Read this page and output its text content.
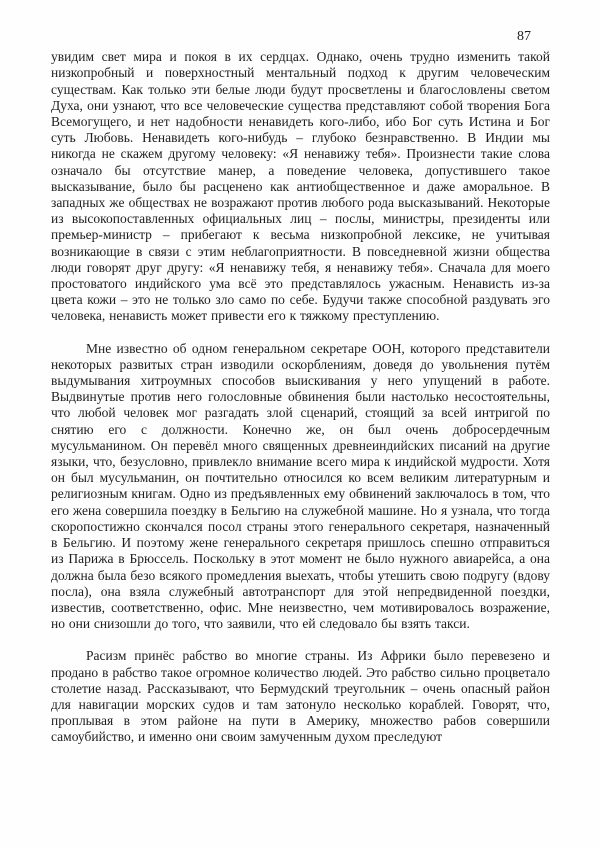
87

увидим свет мира и покоя в их сердцах. Однако, очень трудно изменить такой низкопробный и поверхностный ментальный подход к другим человеческим существам. Как только эти белые люди будут просветлены и благословлены светом Духа, они узнают, что все человеческие существа представляют собой творения Бога Всемогущего, и нет надобности ненавидеть кого-либо, ибо Бог суть Истина и Бог суть Любовь. Ненавидеть кого-нибудь – глубоко безнравственно. В Индии мы никогда не скажем другому человеку: «Я ненавижу тебя». Произнести такие слова означало бы отсутствие манер, а поведение человека, допустившего такое высказывание, было бы расценено как антиобщественное и даже аморальное. В западных же обществах не возражают против любого рода высказываний. Некоторые из высокопоставленных официальных лиц – послы, министры, президенты или премьер-министр – прибегают к весьма низкопробной лексике, не учитывая возникающие в связи с этим неблагоприятности. В повседневной жизни общества люди говорят друг другу: «Я ненавижу тебя, я ненавижу тебя». Сначала для моего простоватого индийского ума всё это представлялось ужасным. Ненависть из-за цвета кожи – это не только зло само по себе. Будучи также способной раздувать эго человека, ненависть может привести его к тяжкому преступлению.

Мне известно об одном генеральном секретаре ООН, которого представители некоторых развитых стран изводили оскорблениям, доведя до увольнения путём выдумывания хитроумных способов выискивания у него упущений в работе. Выдвинутые против него голословные обвинения были настолько несостоятельны, что любой человек мог разгадать злой сценарий, стоящий за всей интригой по снятию его с должности. Конечно же, он был очень добросердечным мусульманином. Он перевёл много священных древнеиндийских писаний на другие языки, что, безусловно, привлекло внимание всего мира к индийской мудрости. Хотя он был мусульманин, он почтительно относился ко всем великим литературным и религиозным книгам. Одно из предъявленных ему обвинений заключалось в том, что его жена совершила поездку в Бельгию на служебной машине. Но я узнала, что тогда скоропостижно скончался посол страны этого генерального секретаря, назначенный в Бельгию. И поэтому жене генерального секретаря пришлось спешно отправиться из Парижа в Брюссель. Поскольку в этот момент не было нужного авиарейса, а она должна была безо всякого промедления выехать, чтобы утешить свою подругу (вдову посла), она взяла служебный автотранспорт для этой непредвиденной поездки, известив, соответственно, офис. Мне неизвестно, чем мотивировалось возражение, но они снизошли до того, что заявили, что ей следовало бы взять такси.

Расизм принёс рабство во многие страны. Из Африки было перевезено и продано в рабство такое огромное количество людей. Это рабство сильно процветало столетие назад. Рассказывают, что Бермудский треугольник – очень опасный район для навигации морских судов и там затонуло несколько кораблей. Говорят, что, проплывая в этом районе на пути в Америку, множество рабов совершили самоубийство, и именно они своим замученным духом преследуют
